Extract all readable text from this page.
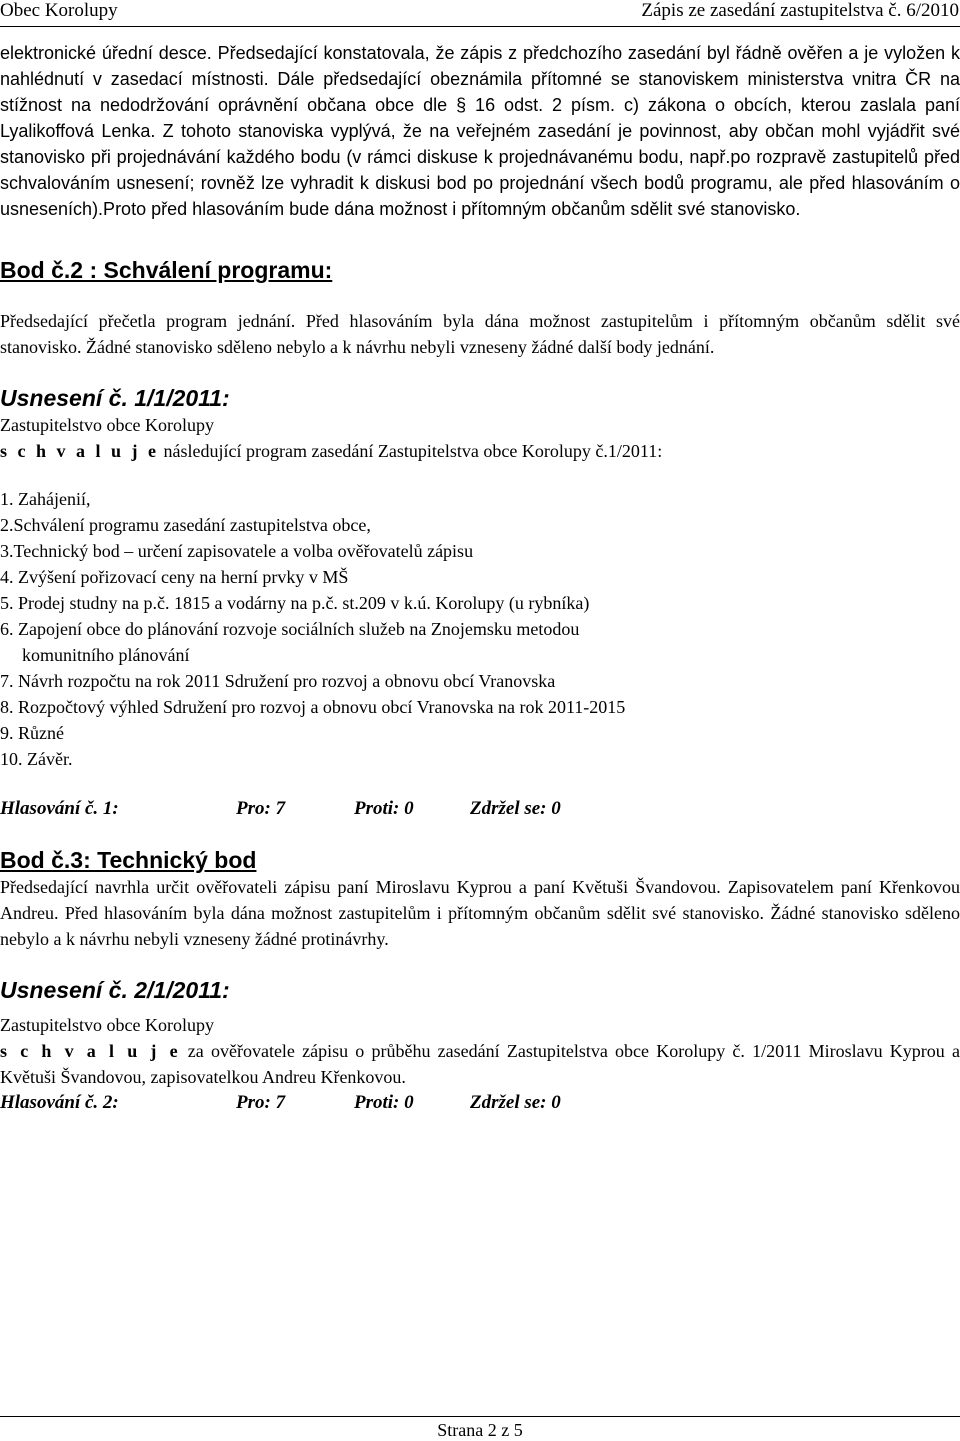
Obec Korolupy	Zápis ze zasedání zastupitelstva č. 6/2010

elektronické úřední desce. Předsedající konstatovala, že zápis z předchozího zasedání byl řádně ověřen a je vyložen k nahlédnutí v zasedací místnosti. Dále předsedající obeznámila přítomné se stanoviskem ministerstva vnitra ČR na stížnost na nedodržování oprávnění občana obce dle § 16 odst. 2 písm. c) zákona o obcích, kterou zaslala paní Lyalikoffová Lenka. Z tohoto stanoviska vyplývá, že na veřejném zasedání je povinnost, aby občan mohl vyjádřit své stanovisko při projednávání každého bodu (v rámci diskuse k projednávanému bodu, např.po rozpravě zastupitelů před schvalováním usnesení; rovněž lze vyhradit k diskusi bod po projednání všech bodů programu, ale před hlasováním o usneseních).Proto před hlasováním bude dána možnost i přítomným občanům sdělit své stanovisko.

Bod č.2 : Schválení programu:

Předsedající přečetla program jednání. Před hlasováním byla dána možnost zastupitelům i přítomným občanům sdělit své stanovisko. Žádné stanovisko sděleno nebylo a k návrhu nebyli vzneseny žádné další body jednání.

Usnesení č. 1/1/2011:

Zastupitelstvo obce Korolupy

s c h v a l u j e následující program zasedání Zastupitelstva obce Korolupy č.1/2011:

1. Zahájenií,
2.Schválení programu zasedání zastupitelstva obce,
3.Technický bod – určení zapisovatele a volba ověřovatelů zápisu
4. Zvýšení pořizovací ceny na herní prvky v MŠ
5. Prodej studny na p.č. 1815 a vodárny na p.č. st.209 v k.ú. Korolupy (u rybníka)
6. Zapojení obce do plánování rozvoje sociálních služeb na Znojemsku metodou
komunitního plánování
7. Návrh rozpočtu na rok 2011 Sdružení pro rozvoj a obnovu obcí Vranovska
8. Rozpočtový výhled Sdružení pro rozvoj a obnovu obcí Vranovska na rok 2011-2015
9. Různé
10. Závěr.
Hlasování č. 1:	Pro: 7	Proti: 0	Zdržel se: 0
Bod č.3: Technický bod

Předsedající navrhla určit ověřovateli zápisu paní Miroslavu Kyprou a paní Květuši Švandovou. Zapisovatelem paní Křenkovou Andreu. Před hlasováním byla dána možnost zastupitelům i přítomným občanům sdělit své stanovisko. Žádné stanovisko sděleno nebylo a k návrhu nebyli vzneseny žádné protinávrhy.

Usnesení č. 2/1/2011:

Zastupitelstvo obce Korolupy

s c h v a l u j e za ověřovatele zápisu o průběhu zasedání Zastupitelstva obce Korolupy č. 1/2011 Miroslavu Kyprou a Květuši Švandovou, zapisovatelkou Andreu Křenkovou.

Hlasování č. 2:	Pro: 7	Proti: 0	Zdržel se: 0
Strana 2 z 5
